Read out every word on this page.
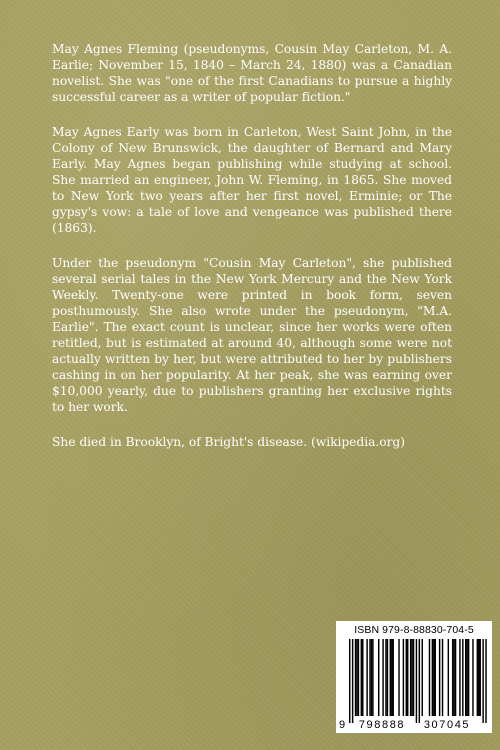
May Agnes Fleming (pseudonyms, Cousin May Carleton, M. A. Earlie; November 15, 1840 – March 24, 1880) was a Canadian novelist. She was "one of the first Canadians to pursue a highly successful career as a writer of popular fiction."

May Agnes Early was born in Carleton, West Saint John, in the Colony of New Brunswick, the daughter of Bernard and Mary Early. May Agnes began publishing while studying at school. She married an engineer, John W. Fleming, in 1865. She moved to New York two years after her first novel, Erminie; or The gypsy's vow: a tale of love and vengeance was published there (1863).

Under the pseudonym "Cousin May Carleton", she published several serial tales in the New York Mercury and the New York Weekly. Twenty-one were printed in book form, seven posthumously. She also wrote under the pseudonym, "M.A. Earlie". The exact count is unclear, since her works were often retitled, but is estimated at around 40, although some were not actually written by her, but were attributed to her by publishers cashing in on her popularity. At her peak, she was earning over $10,000 yearly, due to publishers granting her exclusive rights to her work.

She died in Brooklyn, of Bright's disease. (wikipedia.org)

ISBN 979-8-88830-704-5
9 798888 307045
